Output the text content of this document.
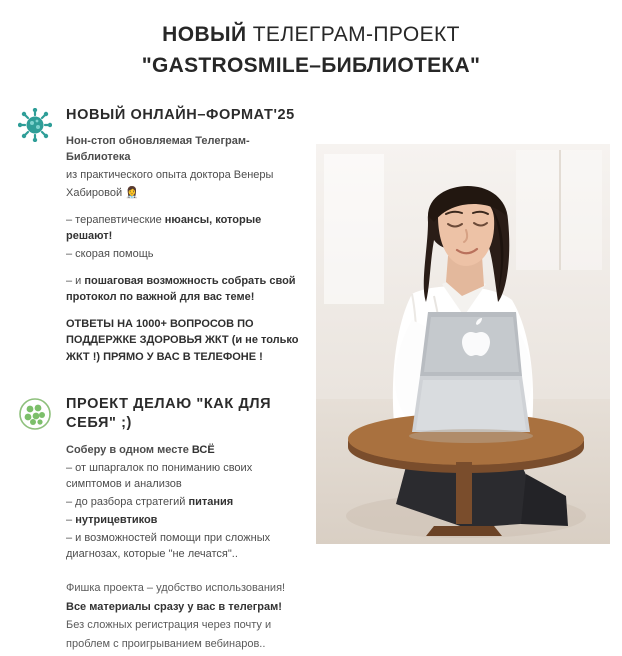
НОВЫЙ ТЕЛЕГРАМ-ПРОЕКТ
"GASTROSMILE–БИБЛИОТЕКА"
НОВЫЙ ОНЛАЙН–ФОРМАТ'25

Нон-стоп обновляемая Телеграм-Библиотека

из практического опыта доктора Венеры

Хабировой 👩‍⚕️

– терапевтические нюансы, которые решают!

– скорая помощь

– и пошаговая возможность собрать свой протокол по важной для вас теме!

ОТВЕТЫ НА 1000+ ВОПРОСОВ ПО ПОДДЕРЖКЕ ЗДОРОВЬЯ ЖКТ (и не только ЖКТ !) ПРЯМО У ВАС В ТЕЛЕФОНЕ !
ПРОЕКТ ДЕЛАЮ "КАК ДЛЯ СЕБЯ" ;)

Соберу в одном месте ВСЁ

– от шпаргалок по пониманию своих симптомов и анализов

– до разбора стратегий питания

– нутрицевтиков

– и возможностей помощи при сложных диагнозах, которые "не лечатся"..

Фишка проекта – удобство использования!

Все материалы сразу у вас в телеграм!

Без сложных регистрация через почту и

проблем с проигрыванием вебинаров..
